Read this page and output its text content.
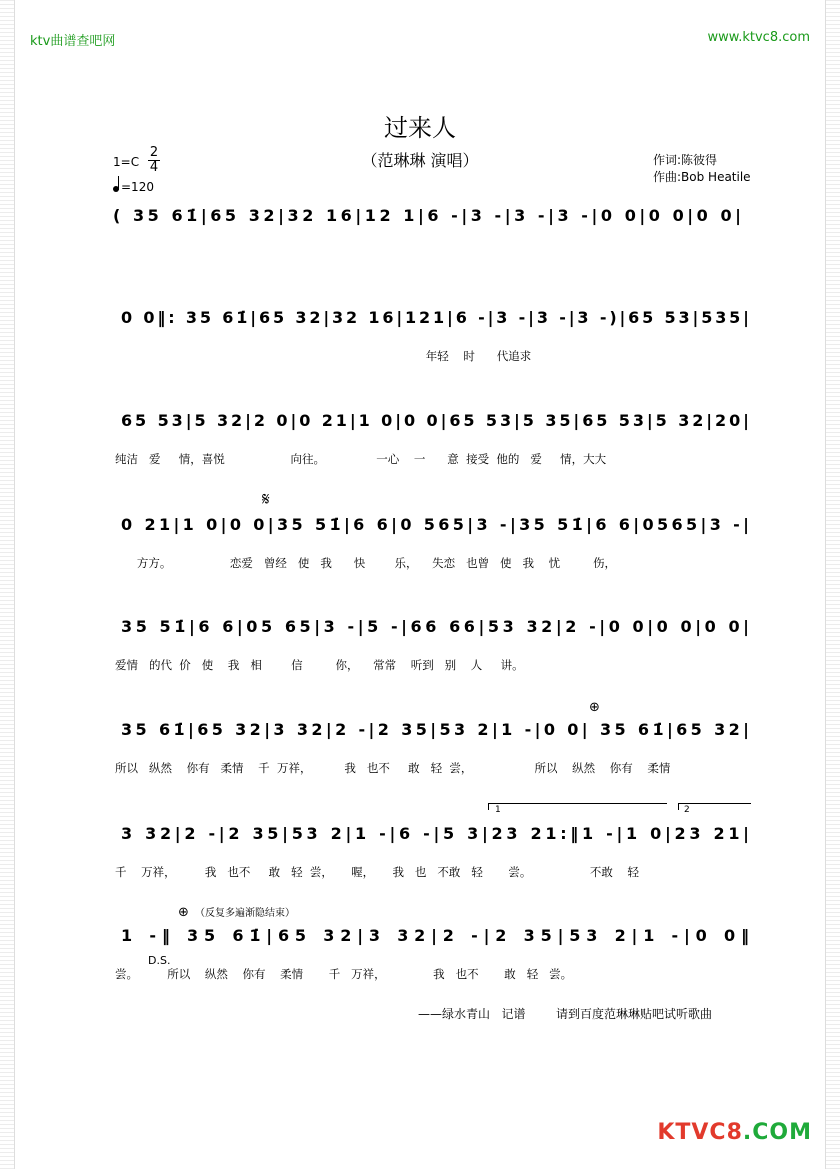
ktv曲谱查吧网	www.ktvc8.com
过来人
（范琳琳 演唱）	作词:陈彼得
作曲:Bob Heatile
1=C
2
4
=120
( 35 61̇|65 32|32 16|12 1|6 -|3 -|3 -|3 -|0 0|0 0|0 0|
0 0‖: 35 61̇|65 32|32 16|121|6 -|3 -|3 -|3 -)|65 53|535|
65 53|5 32|2 0|0 21|1 0|0 0|65 53|5 35|65 53|5 32|20|
0 21|1 0|0 0|35 51̇|6 6|0 565|3 -|35 51̇|6 6|0565|3 -|
35 51̇|6 6|05 65|3 -|5 -|66 66|53 32|2 -|0 0|0 0|0 0|
35 61̇|65 32|3 32|2 -|2 35|53 2|1 -|0 0| 35 61̇|65 32|
3 32|2 -|2 35|53 2|1 -|6 -|5 3|23 21:‖1 -|1 0|23 21|
1 -‖ 35 61̇|65 32|3 32|2 -|2 35|53 2|1 -|0 0‖
年轻    时      代追求
纯洁   爱     情，喜悦                  向往。              一心    一      意  接受  他的   爱     情，大大
方方。                恋爱   曾经   使   我      快        乐，    失恋   也曾   使   我    忧         伤，
爱情   的代  价   使    我   相        信         你，    常常    听到   别    人     讲。
所以   纵然    你有   柔情    千  万祥，         我   也不     敢   轻  尝，                 所以    纵然    你有    柔情
千    万祥，        我   也不     敢   轻  尝，     喔，     我   也   不敢   轻       尝。                不敢    轻
尝。        所以    纵然    你有    柔情       千   万祥，             我   也不       敢   轻   尝。
𝄋
⊕
⊕ （反复多遍渐隐结束）
D.S.
1	2
——绿水青山   记谱        请到百度范琳琳贴吧试听歌曲
KTVC8.COM
